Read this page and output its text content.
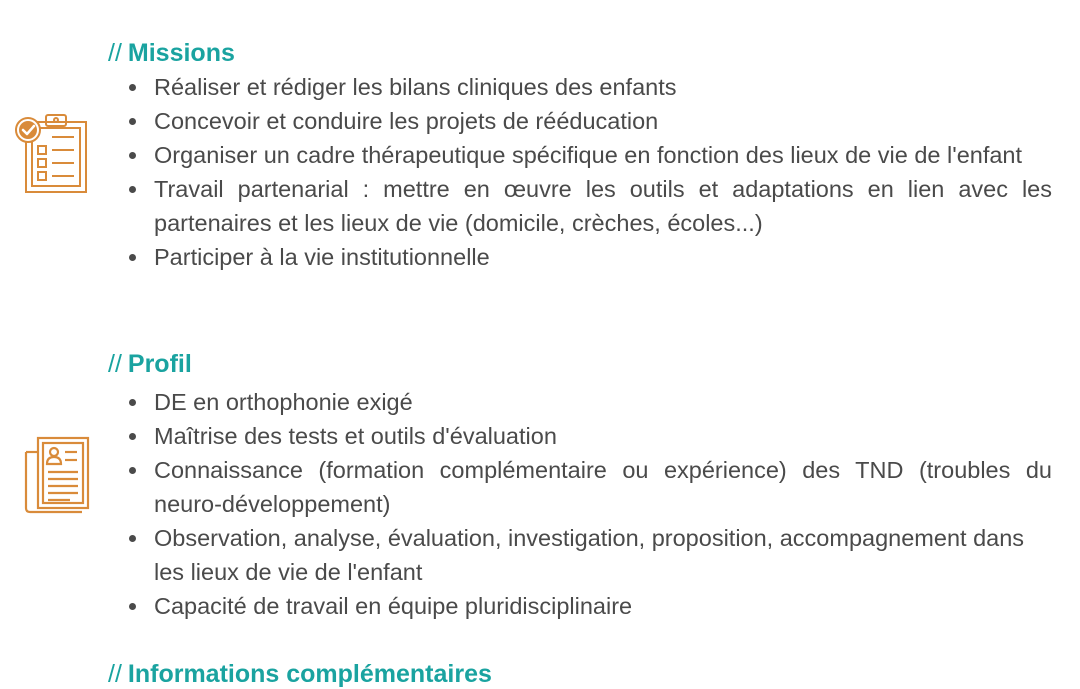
// Missions
Réaliser et rédiger les bilans cliniques des enfants
Concevoir et conduire les projets de rééducation
Organiser un cadre thérapeutique spécifique en fonction des lieux de vie de l'enfant
Travail partenarial : mettre en œuvre les outils et adaptations en lien avec les partenaires et les lieux de vie (domicile, crèches, écoles...)
Participer à la vie institutionnelle
// Profil
DE en orthophonie exigé
Maîtrise des tests et outils d'évaluation
Connaissance (formation complémentaire ou expérience) des TND (troubles du neuro-développement)
Observation, analyse, évaluation, investigation, proposition, accompagnement dans les lieux de vie de l'enfant
Capacité de travail en équipe pluridisciplinaire
// Informations complémentaires
